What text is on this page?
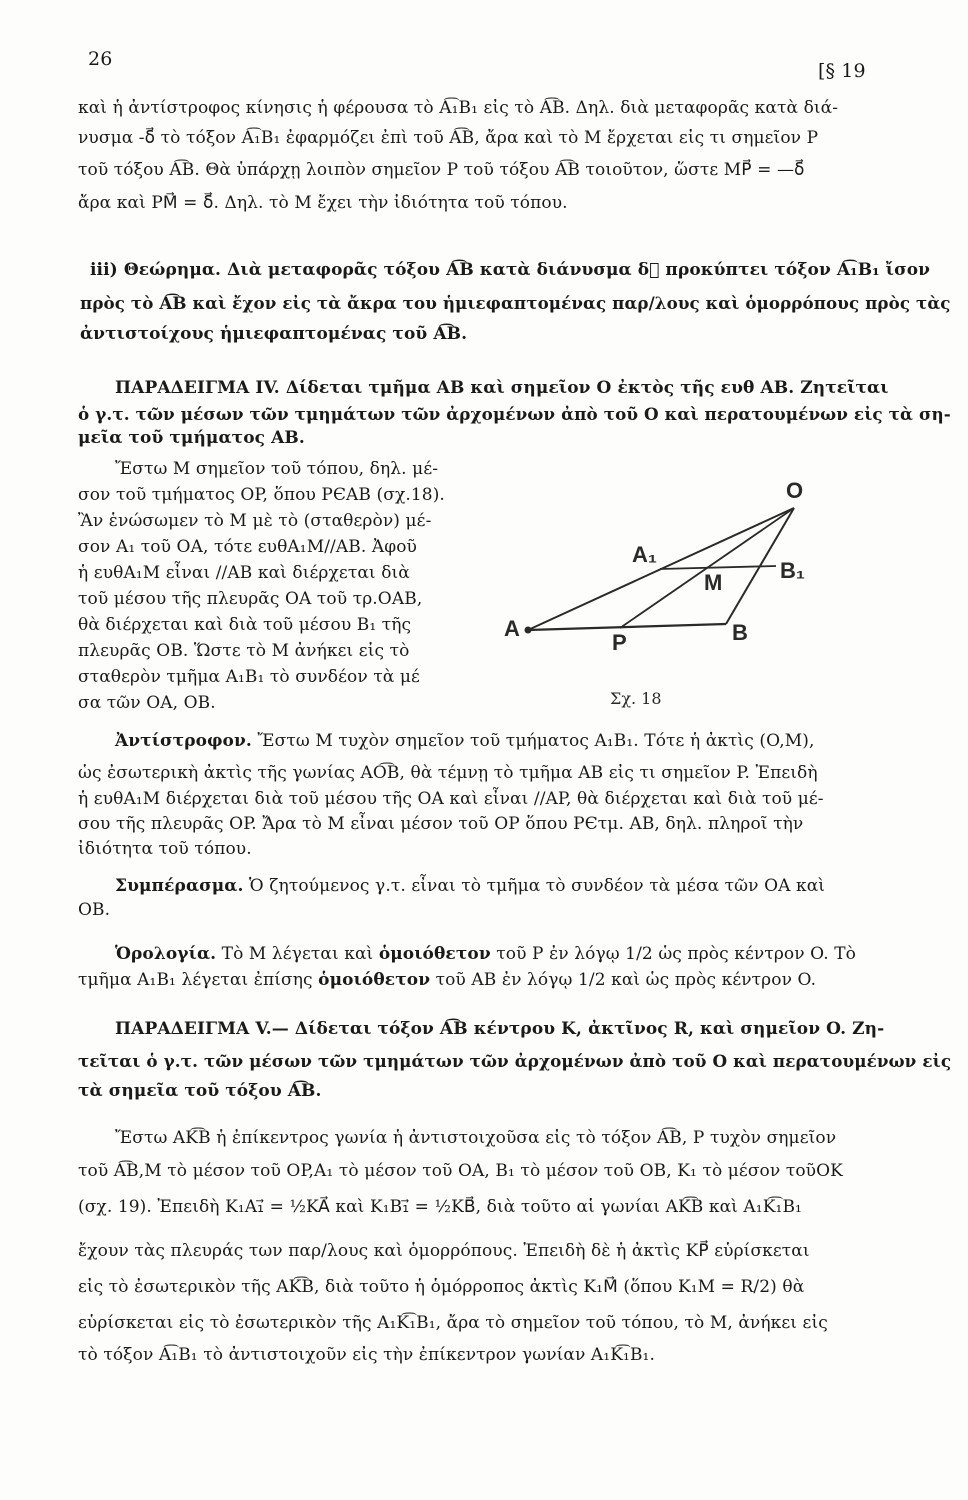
26
[§ 19
καὶ ἡ ἀντίστροφος κίνησις ἡ φέρουσα τὸ A͡₁B₁ εἰς τὸ A͡B. Δηλ. διὰ μεταφορᾶς κατὰ διά-
νυσμα -δ⃗ τὸ τόξον A͡₁B₁ ἐφαρμόζει ἐπὶ τοῦ A͡B, ἄρα καὶ τὸ M ἔρχεται εἰς τι σημεῖον P
τοῦ τόξου A͡B. Θὰ ὑπάρχῃ λοιπὸν σημεῖον P τοῦ τόξου A͡B τοιοῦτον, ὥστε MP⃗ = —δ⃗
ἄρα καὶ PM⃗ = δ⃗. Δηλ. τὸ M ἔχει τὴν ἰδιότητα τοῦ τόπου.
iii) Θεώρημα. Διὰ μεταφορᾶς τόξου A͡B κατὰ διάνυσμα δ⃗ προκύπτει τόξον A͡₁B₁ ἴσον
πρὸς τὸ A͡B καὶ ἔχον εἰς τὰ ἄκρα του ἡμιεφαπτομένας παρ/λους καὶ ὁμορρόπους πρὸς τὰς
ἀντιστοίχους ἡμιεφαπτομένας τοῦ A͡B.
ΠΑΡΑΔΕΙΓΜΑ IV. Δίδεται τμῆμα AB καὶ σημεῖον O ἐκτὸς τῆς ευθ AB. Ζητεῖται
ὁ γ.τ. τῶν μέσων τῶν τμημάτων τῶν ἀρχομένων ἀπὸ τοῦ O καὶ περατουμένων εἰς τὰ ση-
μεῖα τοῦ τμήματος AB.
Ἔστω M σημεῖον τοῦ τόπου, δηλ. μέ-
σον τοῦ τμήματος OP, ὅπου PЄAB (σχ.18).
Ἂν ἑνώσωμεν τὸ M μὲ τὸ (σταθερὸν) μέ-
σον A₁ τοῦ OA, τότε ευθA₁M//AB. Ἀφοῦ
ἡ ευθA₁M εἶναι //AB καὶ διέρχεται διὰ
τοῦ μέσου τῆς πλευρᾶς OA τοῦ τρ.OAB,
θὰ διέρχεται καὶ διὰ τοῦ μέσου B₁ τῆς
πλευρᾶς OB. Ὥστε τὸ M ἀνήκει εἰς τὸ
σταθερὸν τμῆμα A₁B₁ τὸ συνδέον τὰ μέ
σα τῶν OA, OB.
O
A	B
A₁
B₁
M
P
Σχ. 18
Ἀντίστροφον. Ἔστω M τυχὸν σημεῖον τοῦ τμήματος A₁B₁. Τότε ἡ ἀκτὶς (O,M),
ὡς ἐσωτερικὴ ἀκτὶς τῆς γωνίας AO͡B, θὰ τέμνῃ τὸ τμῆμα AB εἰς τι σημεῖον P. Ἐπειδὴ
ἡ ευθA₁M διέρχεται διὰ τοῦ μέσου τῆς OA καὶ εἶναι //AP, θὰ διέρχεται καὶ διὰ τοῦ μέ-
σου τῆς πλευρᾶς OP. Ἄρα τὸ M εἶναι μέσον τοῦ OP ὅπου PЄτμ. AB, δηλ. πληροῖ τὴν
ἰδιότητα τοῦ τόπου.
Συμπέρασμα. Ὁ ζητούμενος γ.τ. εἶναι τὸ τμῆμα τὸ συνδέον τὰ μέσα τῶν OA καὶ
OB.
Ὁρολογία. Τὸ M λέγεται καὶ ὁμοιόθετον τοῦ P ἐν λόγῳ 1/2 ὡς πρὸς κέντρον O. Τὸ
τμῆμα A₁B₁ λέγεται ἐπίσης ὁμοιόθετον τοῦ AB ἐν λόγῳ 1/2 καὶ ὡς πρὸς κέντρον O.
ΠΑΡΑΔΕΙΓΜΑ V.— Δίδεται τόξον A͡B κέντρου K, ἀκτῖνος R, καὶ σημεῖον O. Ζη-
τεῖται ὁ γ.τ. τῶν μέσων τῶν τμημάτων τῶν ἀρχομένων ἀπὸ τοῦ O καὶ περατουμένων εἰς
τὰ σημεῖα τοῦ τόξου A͡B.
Ἔστω AK͡B ἡ ἐπίκεντρος γωνία ἡ ἀντιστοιχοῦσα εἰς τὸ τόξον A͡B, P τυχὸν σημεῖον
τοῦ A͡B,M τὸ μέσον τοῦ OP,A₁ τὸ μέσον τοῦ OA, B₁ τὸ μέσον τοῦ OB, K₁ τὸ μέσον τοῦOK
(σχ. 19). Ἐπειδὴ K₁A₁⃗ = ½KA⃗ καὶ K₁B₁⃗ = ½KB⃗, διὰ τοῦτο αἱ γωνίαι AK͡B καὶ A₁K͡₁B₁
ἔχουν τὰς πλευράς των παρ/λους καὶ ὁμορρόπους. Ἐπειδὴ δὲ ἡ ἀκτὶς KP⃗ εὑρίσκεται
εἰς τὸ ἐσωτερικὸν τῆς AK͡B, διὰ τοῦτο ἡ ὁμόρροπος ἀκτὶς K₁M⃗ (ὅπου K₁M = R/2) θὰ
εὑρίσκεται εἰς τὸ ἐσωτερικὸν τῆς A₁K͡₁B₁, ἄρα τὸ σημεῖον τοῦ τόπου, τὸ M, ἀνήκει εἰς
τὸ τόξον A͡₁B₁ τὸ ἀντιστοιχοῦν εἰς τὴν ἐπίκεντρον γωνίαν A₁K͡₁B₁.
